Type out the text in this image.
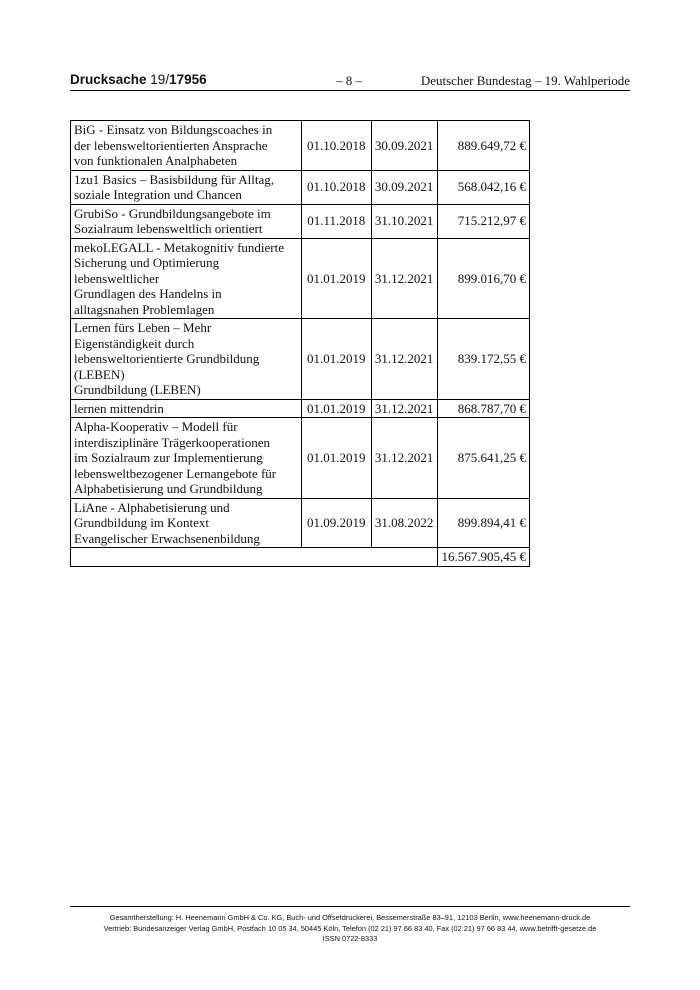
Drucksache 19/17956	– 8 –	Deutscher Bundestag – 19. Wahlperiode
BiG - Einsatz von Bildungscoaches in
der lebensweltorientierten Ansprache
von funktionalen Analphabeten	01.10.2018	30.09.2021	889.649,72 €

1zu1 Basics – Basisbildung für Alltag,
soziale Integration und Chancen	01.10.2018	30.09.2021	568.042,16 €

GrubiSo - Grundbildungsangebote im
Sozialraum lebensweltlich orientiert	01.11.2018	31.10.2021	715.212,97 €

mekoLEGALL - Metakognitiv fundierte
Sicherung und Optimierung
lebensweltlicher
Grundlagen des Handelns in
alltagsnahen Problemlagen	01.01.2019	31.12.2021	899.016,70 €

Lernen fürs Leben – Mehr
Eigenständigkeit durch
lebensweltorientierte Grundbildung
(LEBEN)
Grundbildung (LEBEN)	01.01.2019	31.12.2021	839.172,55 €

lernen mittendrin	01.01.2019	31.12.2021	868.787,70 €

Alpha-Kooperativ – Modell für
interdisziplinäre Trägerkooperationen
im Sozialraum zur Implementierung
lebensweltbezogener Lernangebote für
Alphabetisierung und Grundbildung	01.01.2019	31.12.2021	875.641,25 €

LiAne - Alphabetisierung und
Grundbildung im Kontext
Evangelischer Erwachsenenbildung	01.09.2019	31.08.2022	899.894,41 €
			16.567.905,45 €
Gesamtherstellung: H. Heenemann GmbH & Co. KG, Buch- und Offsetdruckerei, Bessemerstraße 83–91, 12103 Berlin, www.heenemann-druck.de
Vertrieb: Bundesanzeiger Verlag GmbH, Postfach 10 05 34, 50445 Köln, Telefon (02 21) 97 66 83 40, Fax (02 21) 97 66 83 44, www.betrifft-gesetze.de
ISSN 0722-8333
